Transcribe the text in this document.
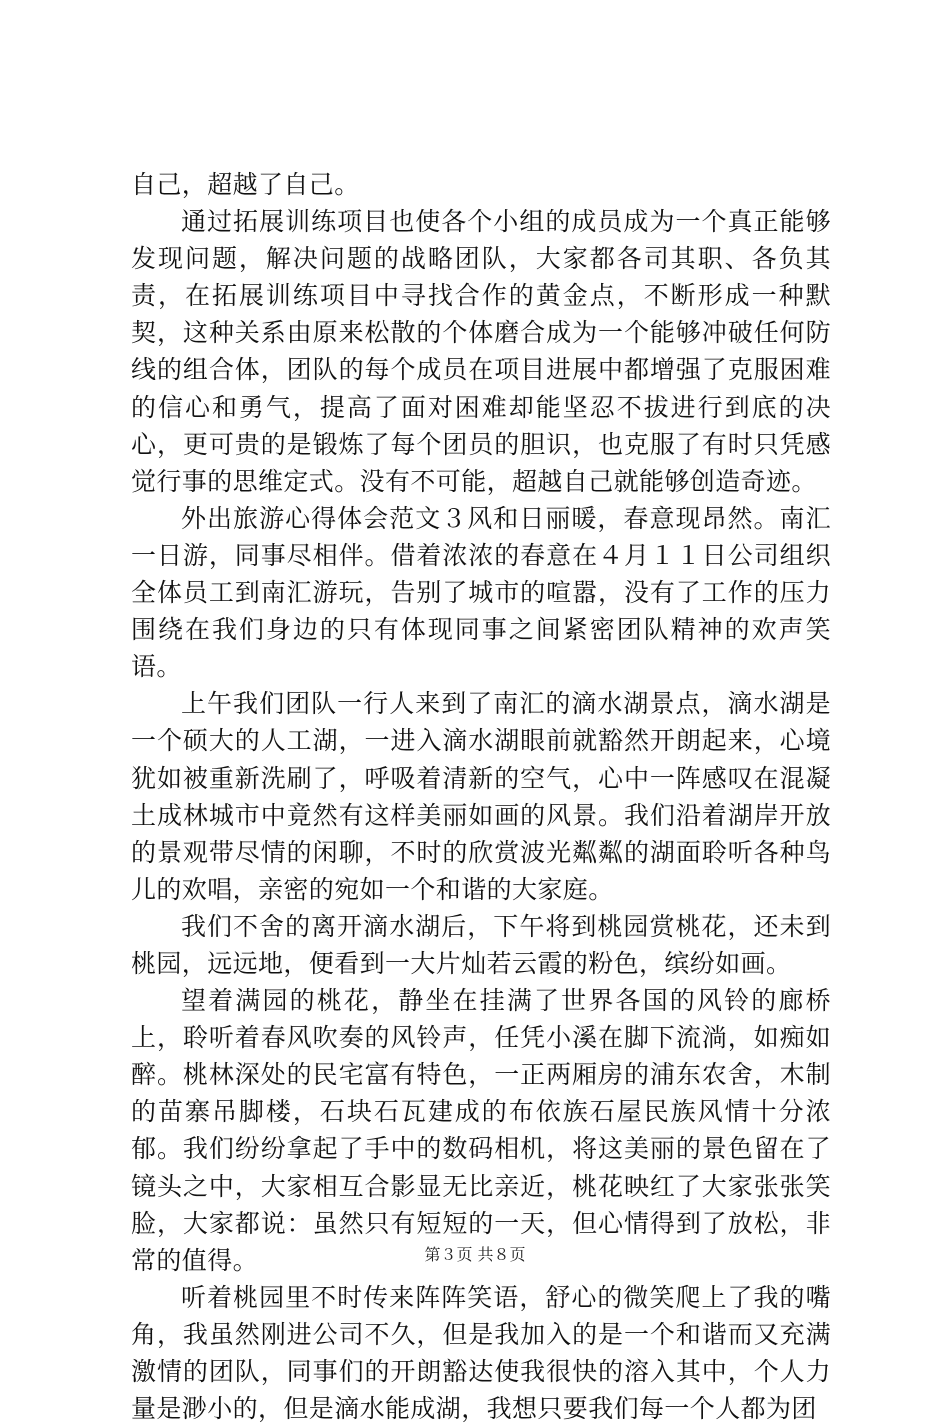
自己，超越了自己。

通过拓展训练项目也使各个小组的成员成为一个真正能够发现问题，解决问题的战略团队，大家都各司其职、各负其责，在拓展训练项目中寻找合作的黄金点，不断形成一种默契，这种关系由原来松散的个体磨合成为一个能够冲破任何防线的组合体，团队的每个成员在项目进展中都增强了克服困难的信心和勇气，提高了面对困难却能坚忍不拔进行到底的决心，更可贵的是锻炼了每个团员的胆识，也克服了有时只凭感觉行事的思维定式。没有不可能，超越自己就能够创造奇迹。

外出旅游心得体会范文３风和日丽暖，春意现昂然。南汇一日游，同事尽相伴。借着浓浓的春意在４月１１日公司组织全体员工到南汇游玩，告别了城市的喧嚣，没有了工作的压力围绕在我们身边的只有体现同事之间紧密团队精神的欢声笑语。

上午我们团队一行人来到了南汇的滴水湖景点，滴水湖是一个硕大的人工湖，一进入滴水湖眼前就豁然开朗起来，心境犹如被重新洗刷了，呼吸着清新的空气，心中一阵感叹在混凝土成林城市中竟然有这样美丽如画的风景。我们沿着湖岸开放的景观带尽情的闲聊，不时的欣赏波光粼粼的湖面聆听各种鸟儿的欢唱，亲密的宛如一个和谐的大家庭。

我们不舍的离开滴水湖后，下午将到桃园赏桃花，还未到桃园，远远地，便看到一大片灿若云霞的粉色，缤纷如画。

望着满园的桃花，静坐在挂满了世界各国的风铃的廊桥上，聆听着春风吹奏的风铃声，任凭小溪在脚下流淌，如痴如醉。桃林深处的民宅富有特色，一正两厢房的浦东农舍，木制的苗寨吊脚楼，石块石瓦建成的布依族石屋民族风情十分浓郁。我们纷纷拿起了手中的数码相机，将这美丽的景色留在了镜头之中，大家相互合影显无比亲近，桃花映红了大家张张笑脸，大家都说：虽然只有短短的一天，但心情得到了放松，非常的值得。

听着桃园里不时传来阵阵笑语，舒心的微笑爬上了我的嘴角，我虽然刚进公司不久，但是我加入的是一个和谐而又充满激情的团队，同事们的开朗豁达使我很快的溶入其中，个人力量是渺小的，但是滴水能成湖，我想只要我们每一个人都为团

第３页 共８页
